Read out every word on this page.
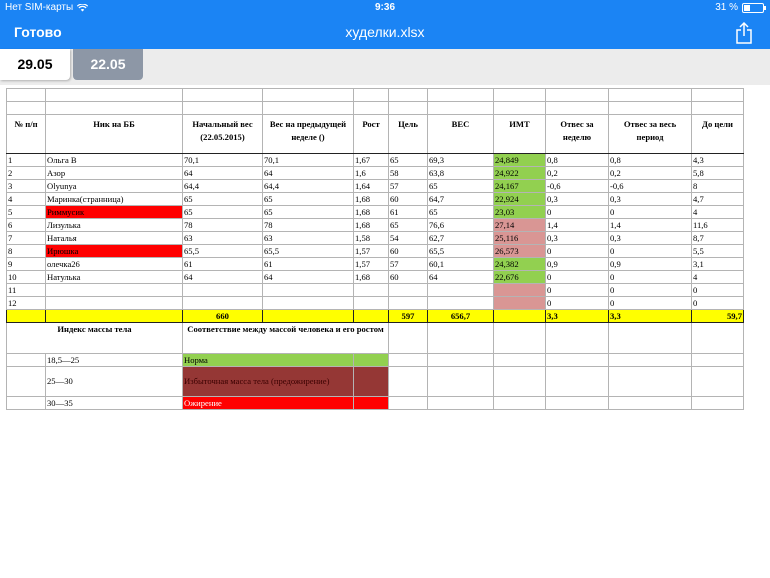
Нет SIM-карты	9:36	31 %
Готово	худелки.xlsx
29.05	22.05

№ п/п	Ник на ББ	Начальный вес (22.05.2015)	Вес на предыдущей неделе ()	Рост	Цель	ВЕС	ИМТ	Отвес за неделю	Отвес за весь период	До цели
1	Ольга В	70,1	70,1	1,67	65	69,3	24,849	0,8	0,8	4,3
2	Азор	64	64	1,6	58	63,8	24,922	0,2	0,2	5,8
3	Olyunya	64,4	64,4	1,64	57	65	24,167	-0,6	-0,6	8
4	Маринка(странница)	65	65	1,68	60	64,7	22,924	0,3	0,3	4,7
5	Риммусик	65	65	1,68	61	65	23,03	0	0	4
6	Лизулька	78	78	1,68	65	76,6	27,14	1,4	1,4	11,6
7	Наталья	63	63	1,58	54	62,7	25,116	0,3	0,3	8,7
8	Ирюшка	65,5	65,5	1,57	60	65,5	26,573	0	0	5,5
9	олечка26	61	61	1,57	57	60,1	24,382	0,9	0,9	3,1
10	Натулька	64	64	1,68	60	64	22,676	0	0	4
11								0	0	0
12								0	0	0
		660			597	656,7		3,3	3,3	59,7
Индекс массы тела		Соответствие между массой человека и его ростом								
	18,5—25	Норма								
	25—30	Избыточная масса тела (предожирение)								
	30—35	Ожирение								
